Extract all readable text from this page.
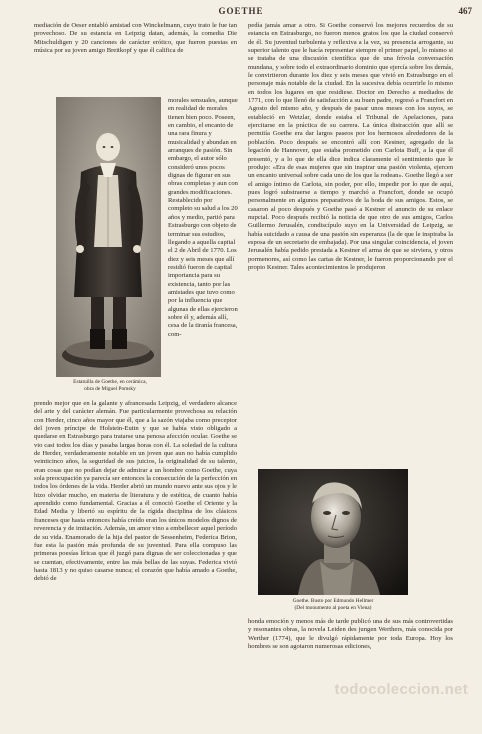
GOETHE	467

mediación de Oeser entabló amistad con Winckelmann, cuyo trato le fue tan provechoso. De su estancia en Leipzig datan, además, la comedia Die Mitschuldigen y 20 canciones de carácter erótico, que fueron puestas en música por su joven amigo Breitkopf y que él califica de

Estatuilla de Goethe, en cerámica,
obra de Miguel Pomsky

morales sensuales, aunque en realidad de morales tienen bien poco. Poseen, en cambio, el encanto de una rara finura y musicalidad y abundan en arranques de pasión. Sin embargo, el autor sólo consideró unos pocos dignas de figurar en sus obras completas y aun con grandes modificaciones. Restablecido por completo su salud a los 20 años y medio, partió para Estrasburgo con objeto de terminar sus estudios, llegando a aquella capital el 2 de Abril de 1770. Los diez y seis meses que allí residió fueron de capital importancia para su existencia, tanto por las amistades que tuvo como por la influencia que algunas de ellas ejercieron sobre él y, además allí, cesa de la tiranía francesa, com-

prendo mejor que en la galante y afrancesada Leipzig, el verdadero alcance del arte y del carácter alemán. Fue particularmente provechosa su relación con Herder, cinco años mayor que él, que a la sazón viajaba como preceptor del joven príncipe de Holstein-Eutin y que se había visto obligado a quedarse en Estrasburgo para tratarse una penosa afección ocular. Goethe se vio casi todos los días y pasaba largas horas con él. La soledad de la cultura de Herder, verdaderamente notable en un joven que aun no había cumplido veinticinco años, la seguridad de sus juicios, la originalidad de su talento, eran cosas que no podían dejar de admirar a un hombre como Goethe, cuya sola preocupación ya parecía ser entonces la consecución de la perfección en todos los órdenes de la vida. Herder abrió un mundo nuevo ante sus ojos y le hizo olvidar mucho, en materia de literatura y de estética, de cuanto había aprendido como fundamental. Gracias a él conoció Goethe el Oriente y la Edad Media y libertó su espíritu de la rígida disciplina de los clásicos franceses que hasta entonces había creído eran los únicos modelos dignos de reverencia y de imitación. Además, un amor vino a embellecer aquel período de su vida. Enamorado de la hija del pastor de Sessenheim, Federica Brion, fue esta la pasión más profunda de su juventud. Para ella compuso las primeras poesías líricas que él juzgó para dignas de ser coleccionadas y que se cuentan, efectivamente, entre las más bellas de las suyas. Federica vivió hasta 1813 y no quiso casarse nunca; el corazón que había amado a Goethe, debió de

pedía jamás amar a otro. Si Goethe conservó los mejores recuerdos de su estancia en Estrasburgo, no fueron menos gratos los que la ciudad conservó de él. Su juventud turbulenta y reflexiva a la vez, su presencia arrogante, su superior talento que le hacía representar siempre el primer papel, lo mismo si se trataba de una discusión científica que de una frívola conversación mundana, y sobre todo el extraordinario dominio que ejercía sobre los demás, le convirtieron durante los diez y seis meses que vivió en Estrasburgo en el personaje más notable de la ciudad. En la sucesiva debía ocurrirle lo mismo en todos los lugares en que residiese. Doctor en Derecho a mediados de 1771, con lo que llenó de satisfacción a su buen padre, regresó a Francfort en Agosto del mismo año, y después de pasar unos meses con los suyos, se estableció en Wetzlar, donde estaba el Tribunal de Apelaciones, para ejercitarse en la práctica de su carrera. La única distracción que allí se permitía Goethe era dar largos paseos por los hermosos alrededores de la población. Poco después se encontró allí con Kestner, agregado de la legación de Hannover, que estaba prometido con Carlota Buff, a la que él presentó, y a lo que de ella dice indica claramente el sentimiento que le produjo: «Era de esas mujeres que sin inspirar una pasión violenta, ejercen un encanto universal sobre cada uno de los que la rodean». Goethe llegó a ser el amigo íntimo de Carlota, sin poder, por ello, impedir por lo que de aquí, pues logró substraerse a tiempo y marchó a Francfort, donde se ocupó personalmente en algunos preparativos de la boda de sus amigos. Estos, se casaron al poco después y Goethe pasó a Kestner el anuncio de su enlace nupcial. Poco después recibió la noticia de que otro de sus amigos, Carlos Guillermo Jerusalén, condiscípulo suyo en la Universidad de Leipzig, se había suicidado a causa de una pasión sin esperanza (la de que le inspiraba la esposa de un secretario de embajada). Por una singular coincidencia, el joven Jerusalén había pedido prestada a Kestner el arma de que se sirviera, y otros pormenores, así como las cartas de Kestner, le fueron proporcionando por el propio Kestner. Tales acontecimientos le produjeron

Goethe. Busto por Edmundo Hellmer
(Del monumento al poeta en Viena)

honda emoción y menos más de tarde publicó una de sus más controvertidas y resonantes obras, la novela Leiden des jungen Werthers, más conocida por Werther (1774), que le divulgó rápidamente por toda Europa. Hoy los hombres se son agotaron numerosas ediciones,

todocoleccion.net
